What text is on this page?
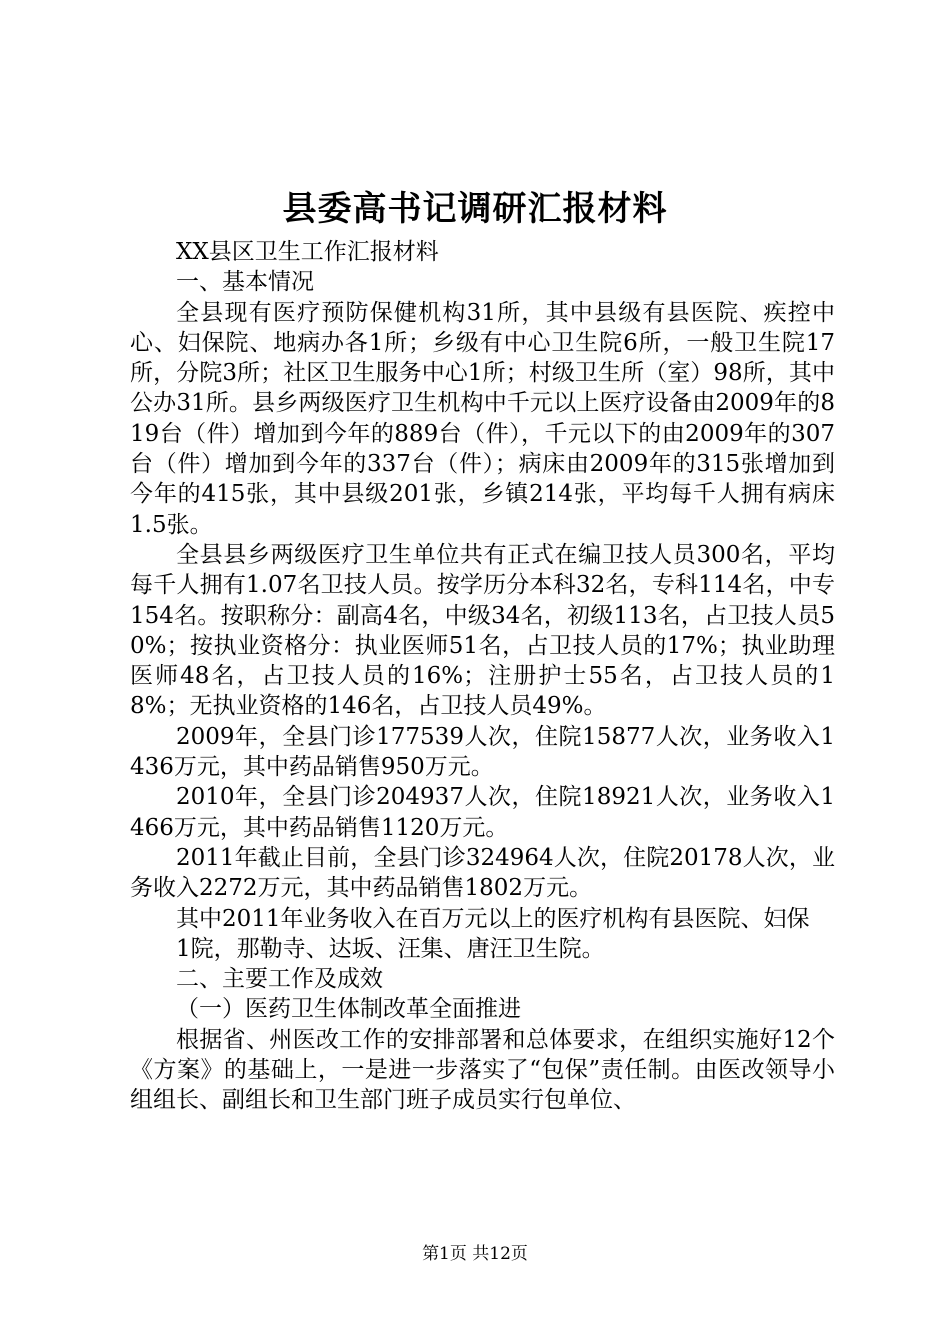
县委高书记调研汇报材料

XX县区卫生工作汇报材料

一、基本情况

全县现有医疗预防保健机构31所，其中县级有县医院、疾控中心、妇保院、地病办各1所；乡级有中心卫生院6所，一般卫生院17所，分院3所；社区卫生服务中心1所；村级卫生所（室）98所，其中公办31所。县乡两级医疗卫生机构中千元以上医疗设备由2009年的819台（件）增加到今年的889台（件），千元以下的由2009年的307台（件）增加到今年的337台（件）；病床由2009年的315张增加到今年的415张，其中县级201张，乡镇214张，平均每千人拥有病床1.5张。

全县县乡两级医疗卫生单位共有正式在编卫技人员300名，平均每千人拥有1.07名卫技人员。按学历分本科32名，专科114名，中专154名。按职称分：副高4名，中级34名，初级113名，占卫技人员50%；按执业资格分：执业医师51名，占卫技人员的17%；执业助理医师48名，占卫技人员的16%；注册护士55名，占卫技人员的18%；无执业资格的146名，占卫技人员49%。

2009年，全县门诊177539人次，住院15877人次，业务收入1436万元，其中药品销售950万元。

2010年，全县门诊204937人次，住院18921人次，业务收入1466万元，其中药品销售1120万元。

2011年截止目前，全县门诊324964人次，住院20178人次，业务收入2272万元，其中药品销售1802万元。

其中2011年业务收入在百万元以上的医疗机构有县医院、妇保

1院，那勒寺、达坂、汪集、唐汪卫生院。

二、主要工作及成效

（一）医药卫生体制改革全面推进

根据省、州医改工作的安排部署和总体要求，在组织实施好12个《方案》的基础上，一是进一步落实了“包保”责任制。由医改领导小组组长、副组长和卫生部门班子成员实行包单位、

第1页 共12页
